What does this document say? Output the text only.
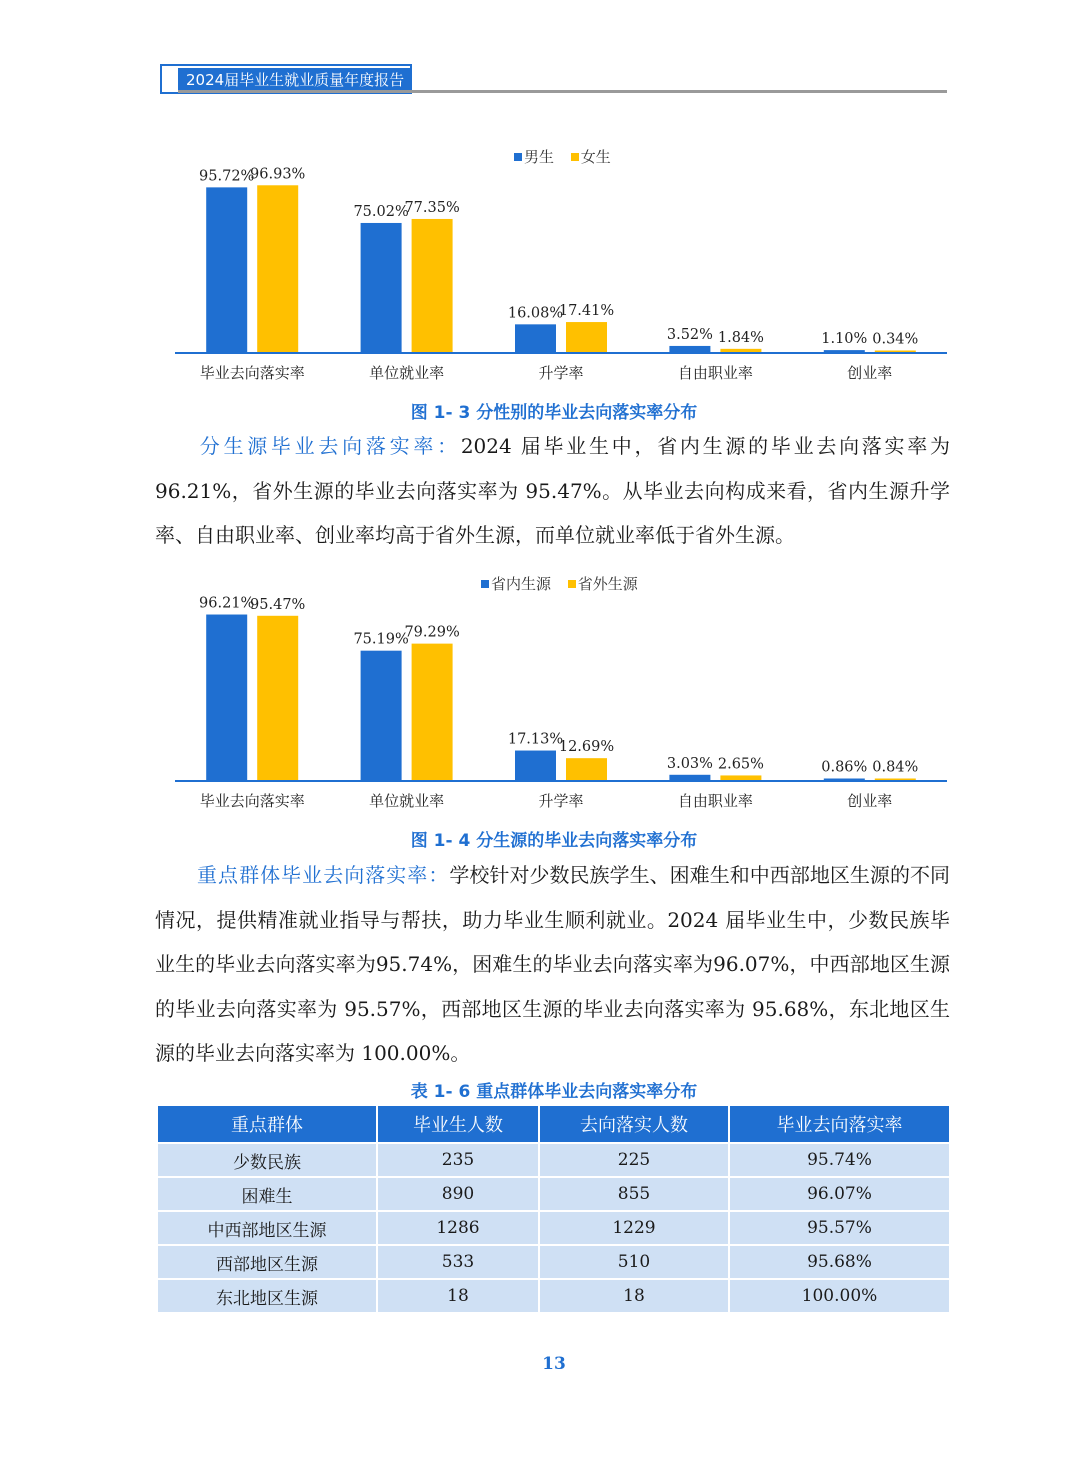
2024届毕业生就业质量年度报告
男生 女生
95.72%
96.93%
毕业去向落实率
75.02%
77.35%
单位就业率
16.08%
17.41%
升学率
3.52% 1.84%
自由职业率
1.10% 0.34%
创业率
图 1- 3 分性别的毕业去向落实率分布
分生源毕业去向落实率：2024 届毕业生中，省内生源的毕业去向落实率为 96.21%，省外生源的毕业去向落实率为 95.47%。从毕业去向构成来看，省内生源升学率、自由职业率、创业率均高于省外生源，而单位就业率低于省外生源。
省内生源 省外生源
96.21%
95.47%
毕业去向落实率
75.19%
79.29%
单位就业率
17.13%
12.69%
升学率
3.03% 2.65%
自由职业率
0.86% 0.84%
创业率
图 1- 4 分生源的毕业去向落实率分布
重点群体毕业去向落实率：学校针对少数民族学生、困难生和中西部地区生源的不同情况，提供精准就业指导与帮扶，助力毕业生顺利就业。2024 届毕业生中，少数民族毕业生的毕业去向落实率为95.74%，困难生的毕业去向落实率为96.07%，中西部地区生源的毕业去向落实率为 95.57%，西部地区生源的毕业去向落实率为 95.68%，东北地区生源的毕业去向落实率为 100.00%。
表 1- 6 重点群体毕业去向落实率分布
重点群体	毕业生人数	去向落实人数	毕业去向落实率
少数民族	235	225	95.74%
困难生	890	855	96.07%
中西部地区生源	1286	1229	95.57%
西部地区生源	533	510	95.68%
东北地区生源	18	18	100.00%
13
